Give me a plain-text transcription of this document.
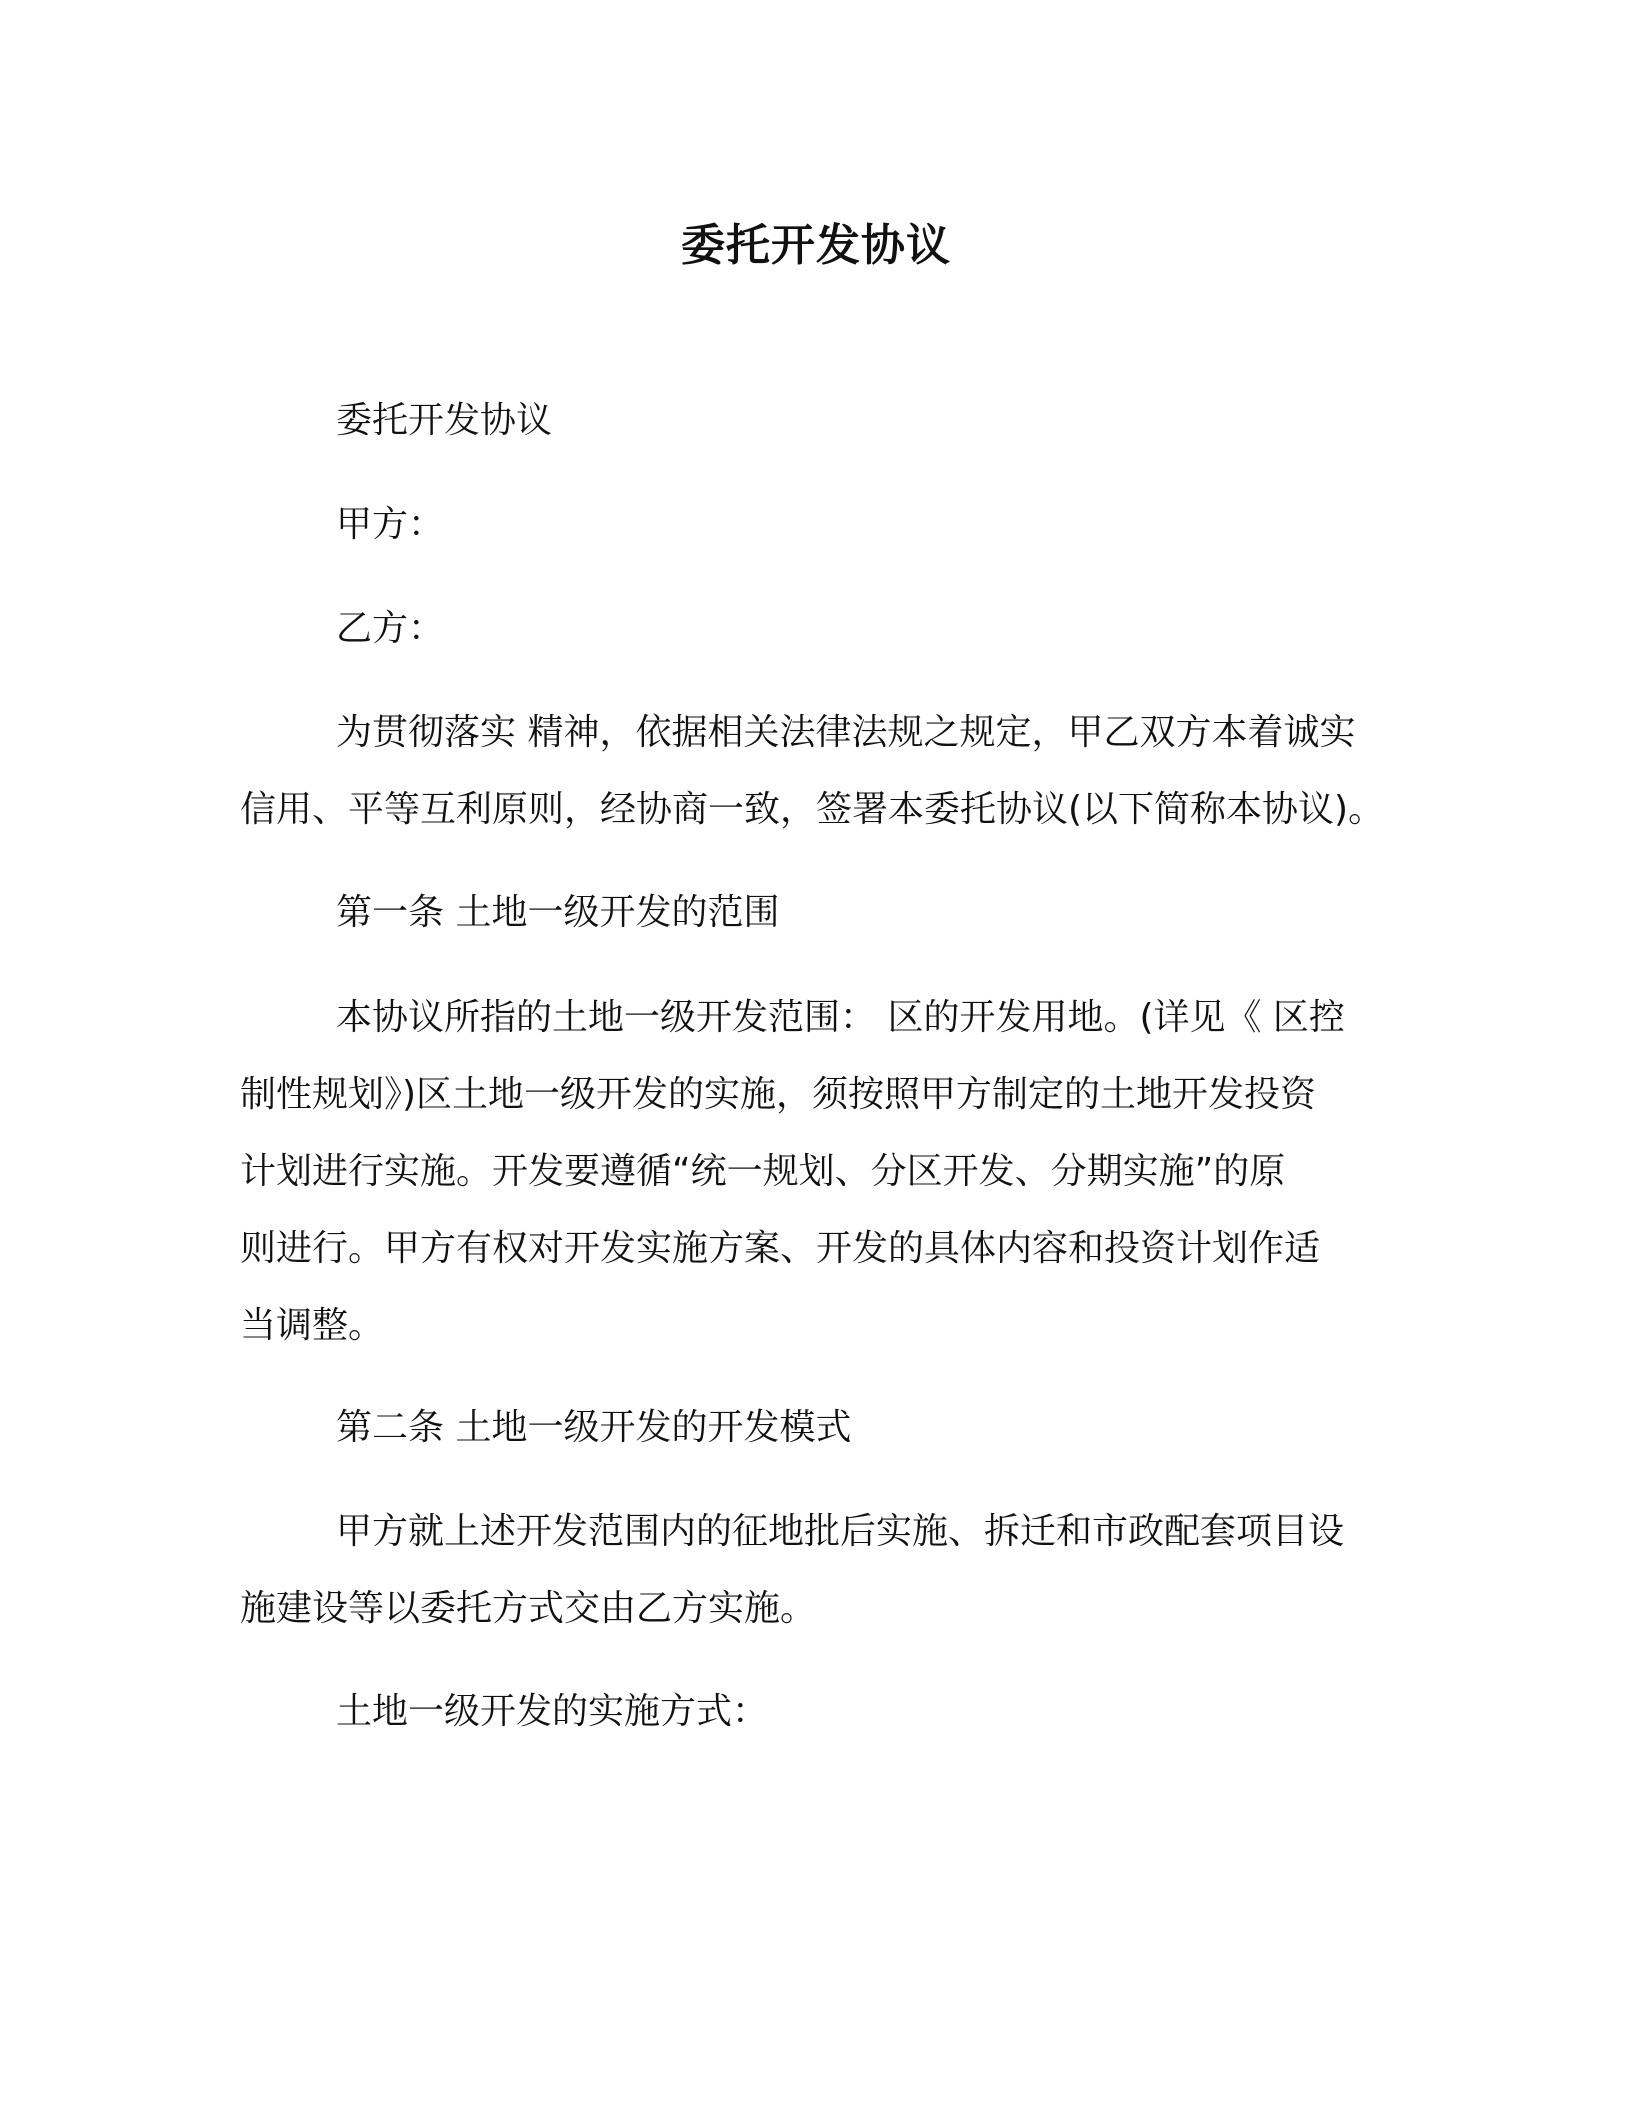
委托开发协议
委托开发协议
甲方：
乙方：
为贯彻落实 精神，依据相关法律法规之规定，甲乙双方本着诚实
信用、平等互利原则，经协商一致，签署本委托协议(以下简称本协议)。
第一条 土地一级开发的范围
本协议所指的土地一级开发范围： 区的开发用地。(详见《 区控
制性规划》)区土地一级开发的实施，须按照甲方制定的土地开发投资
计划进行实施。开发要遵循“统一规划、分区开发、分期实施”的原
则进行。甲方有权对开发实施方案、开发的具体内容和投资计划作适
当调整。
第二条 土地一级开发的开发模式
甲方就上述开发范围内的征地批后实施、拆迁和市政配套项目设
施建设等以委托方式交由乙方实施。
土地一级开发的实施方式：
